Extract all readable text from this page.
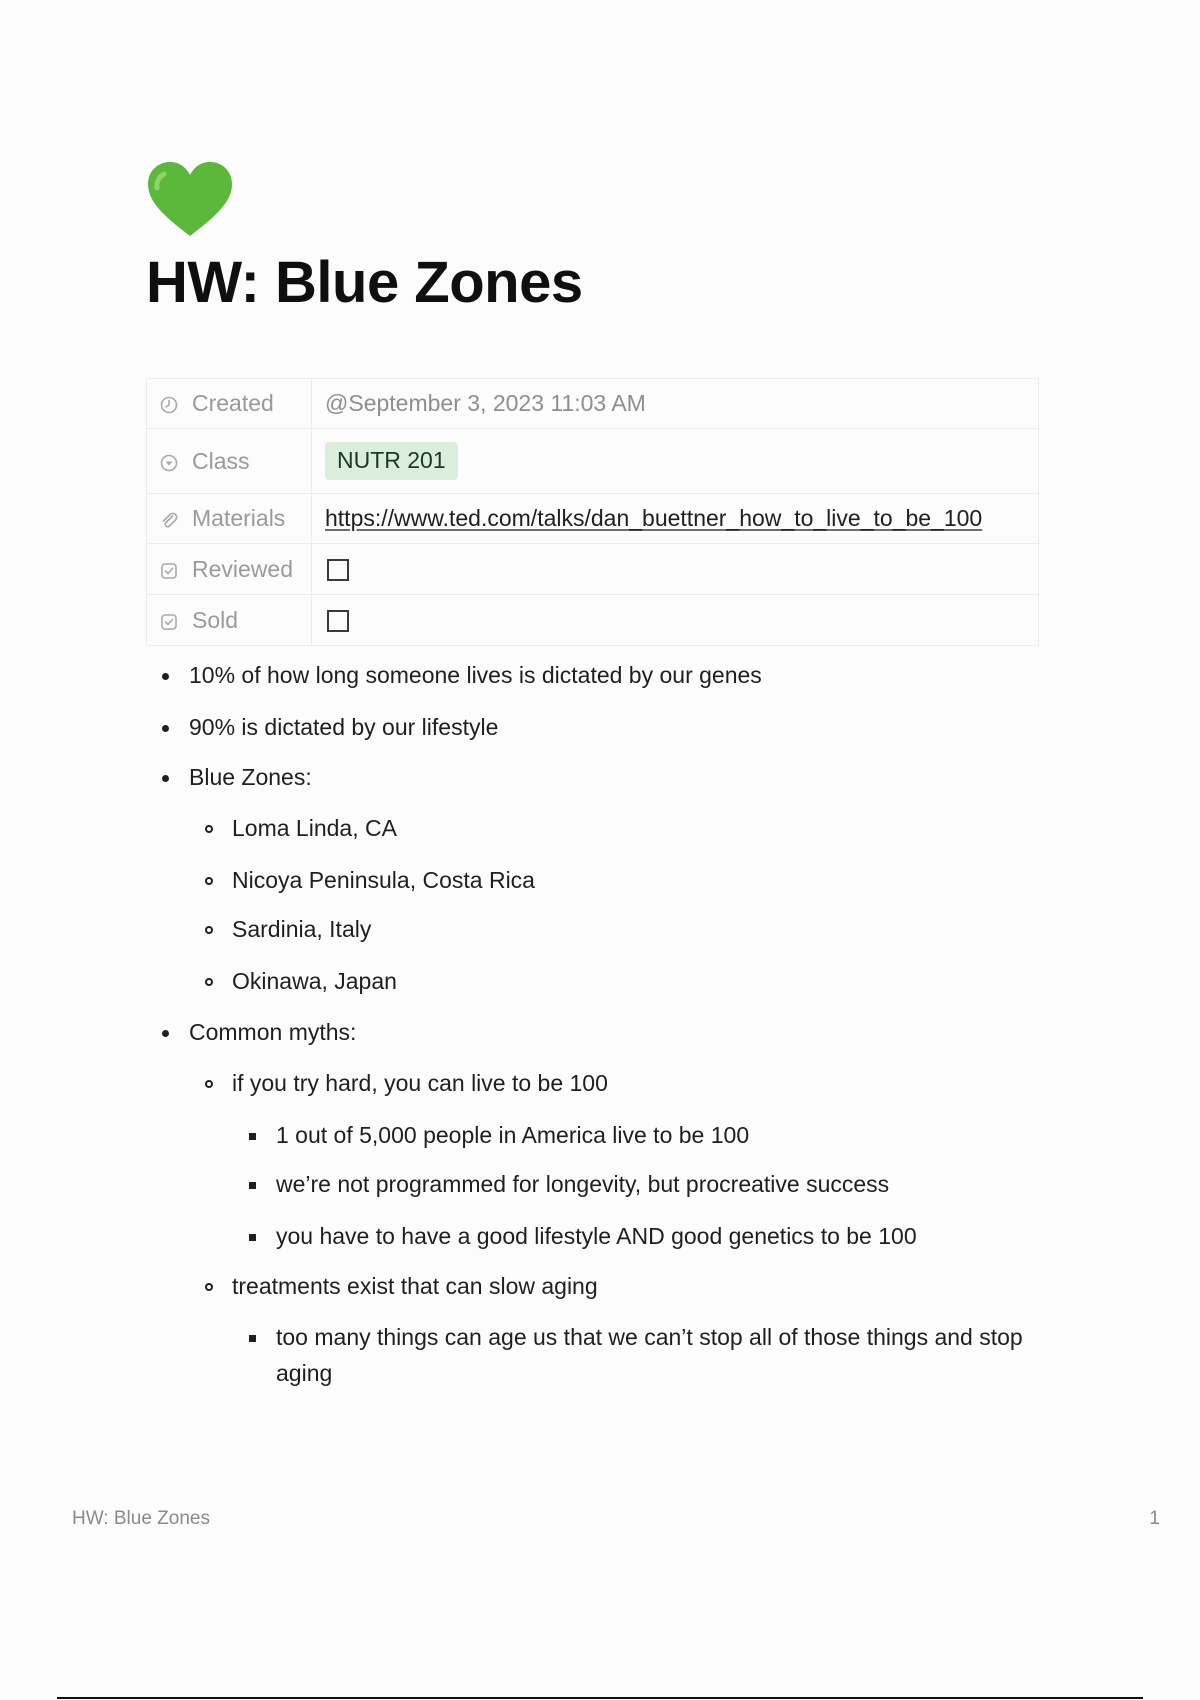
HW: Blue Zones
Created	@September 3, 2023 11:03 AM

Class	NUTR 201

Materials	https://www.ted.com/talks/dan_buettner_how_to_live_to_be_100

Reviewed	

Sold	

10% of how long someone lives is dictated by our genes
90% is dictated by our lifestyle
Blue Zones:
Loma Linda, CA
Nicoya Peninsula, Costa Rica
Sardinia, Italy
Okinawa, Japan
Common myths:
if you try hard, you can live to be 100
1 out of 5,000 people in America live to be 100
we’re not programmed for longevity, but procreative success
you have to have a good lifestyle AND good genetics to be 100
treatments exist that can slow aging
too many things can age us that we can’t stop all of those things and stop aging
HW: Blue Zones	1
